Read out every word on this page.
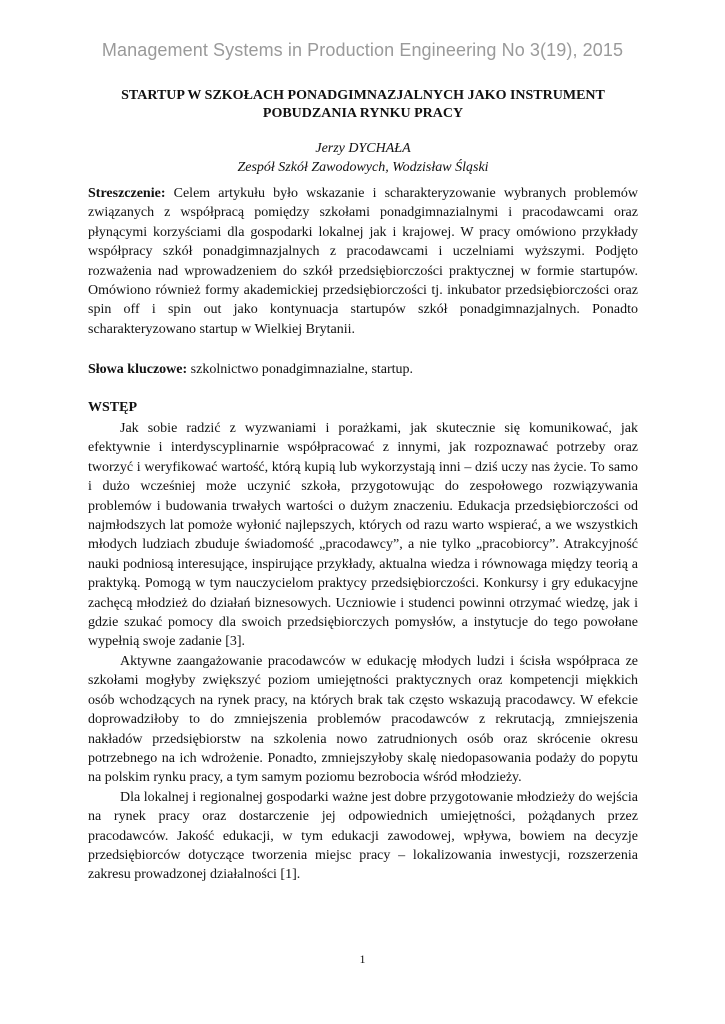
Management Systems in Production Engineering No 3(19), 2015
STARTUP W SZKOŁACH PONADGIMNAZJALNYCH JAKO INSTRUMENT POBUDZANIA RYNKU PRACY
Jerzy DYCHAŁA
Zespół Szkół Zawodowych, Wodzisław Śląski
Streszczenie: Celem artykułu było wskazanie i scharakteryzowanie wybranych problemów związanych z współpracą pomiędzy szkołami ponadgimnazialnymi i pracodawcami oraz płynącymi korzyściami dla gospodarki lokalnej jak i krajowej. W pracy omówiono przykłady współpracy szkół ponadgimnazjalnych z pracodawcami i uczelniami wyższymi. Podjęto rozważenia nad wprowadzeniem do szkół przedsiębiorczości praktycznej w formie startupów. Omówiono również formy akademickiej przedsiębiorczości tj. inkubator przedsiębiorczości oraz spin off i spin out jako kontynuacja startupów szkół ponadgimnazjalnych. Ponadto scharakteryzowano startup w Wielkiej Brytanii.
Słowa kluczowe: szkolnictwo ponadgimnazialne, startup.
WSTĘP

Jak sobie radzić z wyzwaniami i porażkami, jak skutecznie się komunikować, jak efektywnie i interdyscyplinarnie współpracować z innymi, jak rozpoznawać potrzeby oraz tworzyć i weryfikować wartość, którą kupią lub wykorzystają inni – dziś uczy nas życie. To samo i dużo wcześniej może uczynić szkoła, przygotowując do zespołowego rozwiązywania problemów i budowania trwałych wartości o dużym znaczeniu. Edukacja przedsiębiorczości od najmłodszych lat pomoże wyłonić najlepszych, których od razu warto wspierać, a we wszystkich młodych ludziach zbuduje świadomość „pracodawcy”, a nie tylko „pracobiorcy”. Atrakcyjność nauki podniosą interesujące, inspirujące przykłady, aktualna wiedza i równowaga między teorią a praktyką. Pomogą w tym nauczycielom praktycy przedsiębiorczości. Konkursy i gry edukacyjne zachęcą młodzież do działań biznesowych. Uczniowie i studenci powinni otrzymać wiedzę, jak i gdzie szukać pomocy dla swoich przedsiębiorczych pomysłów, a instytucje do tego powołane wypełnią swoje zadanie [3].

Aktywne zaangażowanie pracodawców w edukację młodych ludzi i ścisła współpraca ze szkołami mogłyby zwiększyć poziom umiejętności praktycznych oraz kompetencji miękkich osób wchodzących na rynek pracy, na których brak tak często wskazują pracodawcy. W efekcie doprowadziłoby to do zmniejszenia problemów pracodawców z rekrutacją, zmniejszenia nakładów przedsiębiorstw na szkolenia nowo zatrudnionych osób oraz skrócenie okresu potrzebnego na ich wdrożenie. Ponadto, zmniejszyłoby skalę niedopasowania podaży do popytu na polskim rynku pracy, a tym samym poziomu bezrobocia wśród młodzieży.

Dla lokalnej i regionalnej gospodarki ważne jest dobre przygotowanie młodzieży do wejścia na rynek pracy oraz dostarczenie jej odpowiednich umiejętności, pożądanych przez pracodawców. Jakość edukacji, w tym edukacji zawodowej, wpływa, bowiem na decyzje przedsiębiorców dotyczące tworzenia miejsc pracy – lokalizowania inwestycji, rozszerzenia zakresu prowadzonej działalności [1].

1
